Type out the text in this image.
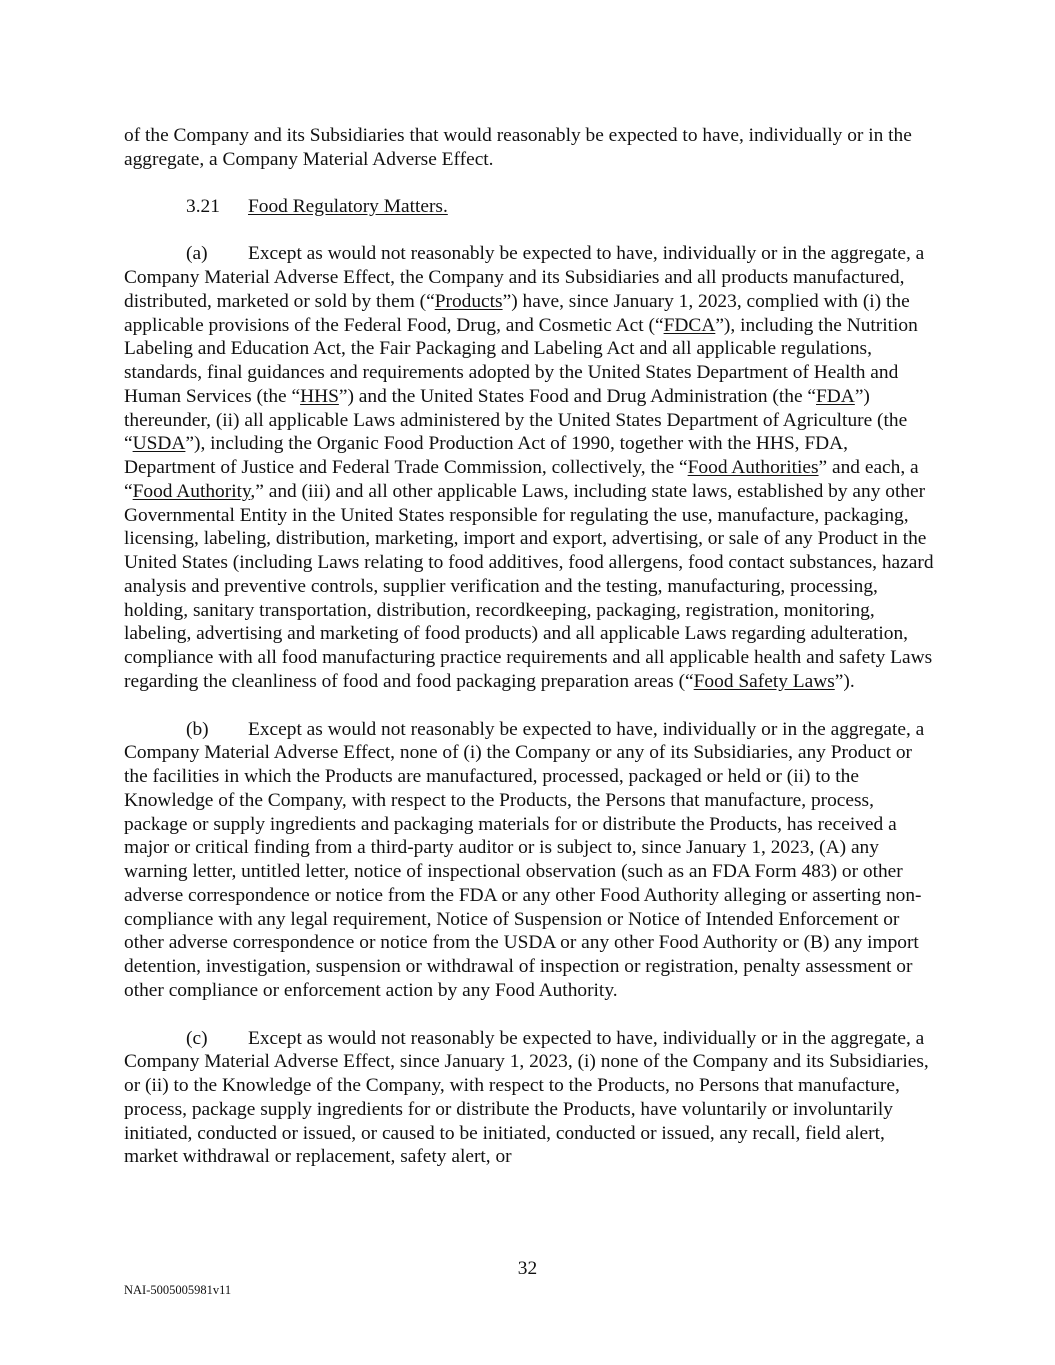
of the Company and its Subsidiaries that would reasonably be expected to have, individually or in the aggregate, a Company Material Adverse Effect.

3.21 Food Regulatory Matters.

(a) Except as would not reasonably be expected to have, individually or in the aggregate, a Company Material Adverse Effect, the Company and its Subsidiaries and all products manufactured, distributed, marketed or sold by them (“Products”) have, since January 1, 2023, complied with (i) the applicable provisions of the Federal Food, Drug, and Cosmetic Act (“FDCA”), including the Nutrition Labeling and Education Act, the Fair Packaging and Labeling Act and all applicable regulations, standards, final guidances and requirements adopted by the United States Department of Health and Human Services (the “HHS”) and the United States Food and Drug Administration (the “FDA”) thereunder, (ii) all applicable Laws administered by the United States Department of Agriculture (the “USDA”), including the Organic Food Production Act of 1990, together with the HHS, FDA, Department of Justice and Federal Trade Commission, collectively, the “Food Authorities” and each, a “Food Authority,” and (iii) and all other applicable Laws, including state laws, established by any other Governmental Entity in the United States responsible for regulating the use, manufacture, packaging, licensing, labeling, distribution, marketing, import and export, advertising, or sale of any Product in the United States (including Laws relating to food additives, food allergens, food contact substances, hazard analysis and preventive controls, supplier verification and the testing, manufacturing, processing, holding, sanitary transportation, distribution, recordkeeping, packaging, registration, monitoring, labeling, advertising and marketing of food products) and all applicable Laws regarding adulteration, compliance with all food manufacturing practice requirements and all applicable health and safety Laws regarding the cleanliness of food and food packaging preparation areas (“Food Safety Laws”).

(b) Except as would not reasonably be expected to have, individually or in the aggregate, a Company Material Adverse Effect, none of (i) the Company or any of its Subsidiaries, any Product or the facilities in which the Products are manufactured, processed, packaged or held or (ii) to the Knowledge of the Company, with respect to the Products, the Persons that manufacture, process, package or supply ingredients and packaging materials for or distribute the Products, has received a major or critical finding from a third-party auditor or is subject to, since January 1, 2023, (A) any warning letter, untitled letter, notice of inspectional observation (such as an FDA Form 483) or other adverse correspondence or notice from the FDA or any other Food Authority alleging or asserting non-compliance with any legal requirement, Notice of Suspension or Notice of Intended Enforcement or other adverse correspondence or notice from the USDA or any other Food Authority or (B) any import detention, investigation, suspension or withdrawal of inspection or registration, penalty assessment or other compliance or enforcement action by any Food Authority.

(c) Except as would not reasonably be expected to have, individually or in the aggregate, a Company Material Adverse Effect, since January 1, 2023, (i) none of the Company and its Subsidiaries, or (ii) to the Knowledge of the Company, with respect to the Products, no Persons that manufacture, process, package supply ingredients for or distribute the Products, have voluntarily or involuntarily initiated, conducted or issued, or caused to be initiated, conducted or issued, any recall, field alert, market withdrawal or replacement, safety alert, or

32
NAI-5005005981v11
